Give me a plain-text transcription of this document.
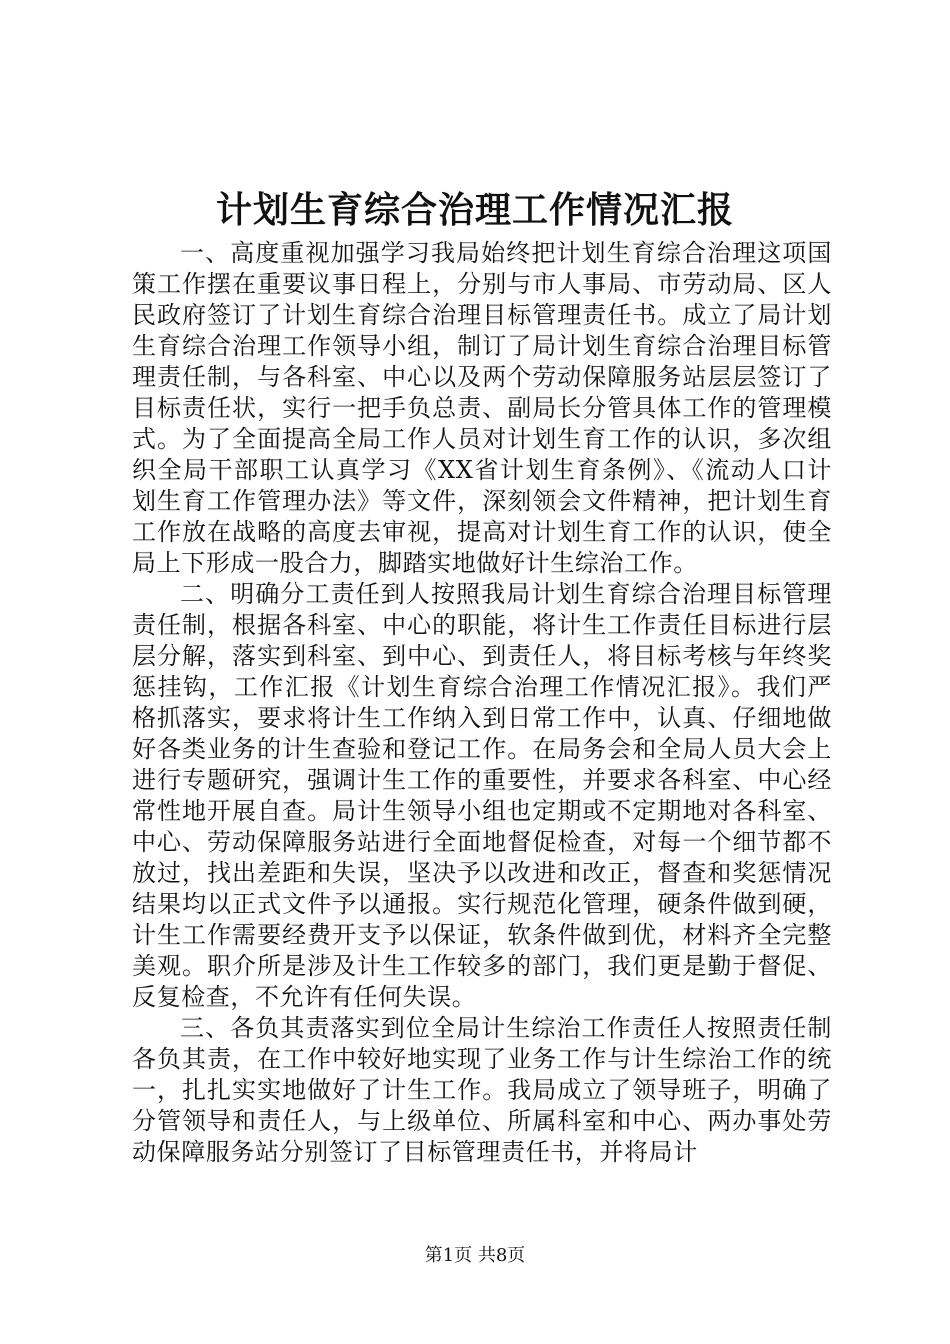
计划生育综合治理工作情况汇报

一、高度重视加强学习我局始终把计划生育综合治理这项国策工作摆在重要议事日程上，分别与市人事局、市劳动局、区人民政府签订了计划生育综合治理目标管理责任书。成立了局计划生育综合治理工作领导小组，制订了局计划生育综合治理目标管理责任制，与各科室、中心以及两个劳动保障服务站层层签订了目标责任状，实行一把手负总责、副局长分管具体工作的管理模式。为了全面提高全局工作人员对计划生育工作的认识，多次组织全局干部职工认真学习《XX省计划生育条例》、《流动人口计划生育工作管理办法》等文件，深刻领会文件精神，把计划生育工作放在战略的高度去审视，提高对计划生育工作的认识，使全局上下形成一股合力，脚踏实地做好计生综治工作。

二、明确分工责任到人按照我局计划生育综合治理目标管理责任制，根据各科室、中心的职能，将计生工作责任目标进行层层分解，落实到科室、到中心、到责任人，将目标考核与年终奖惩挂钩，工作汇报《计划生育综合治理工作情况汇报》。我们严格抓落实，要求将计生工作纳入到日常工作中，认真、仔细地做好各类业务的计生查验和登记工作。在局务会和全局人员大会上进行专题研究，强调计生工作的重要性，并要求各科室、中心经常性地开展自查。局计生领导小组也定期或不定期地对各科室、中心、劳动保障服务站进行全面地督促检查，对每一个细节都不放过，找出差距和失误，坚决予以改进和改正，督查和奖惩情况结果均以正式文件予以通报。实行规范化管理，硬条件做到硬，计生工作需要经费开支予以保证，软条件做到优，材料齐全完整美观。职介所是涉及计生工作较多的部门，我们更是勤于督促、反复检查，不允许有任何失误。

三、各负其责落实到位全局计生综治工作责任人按照责任制各负其责，在工作中较好地实现了业务工作与计生综治工作的统一，扎扎实实地做好了计生工作。我局成立了领导班子，明确了分管领导和责任人，与上级单位、所属科室和中心、两办事处劳动保障服务站分别签订了目标管理责任书，并将局计

第1页 共8页
